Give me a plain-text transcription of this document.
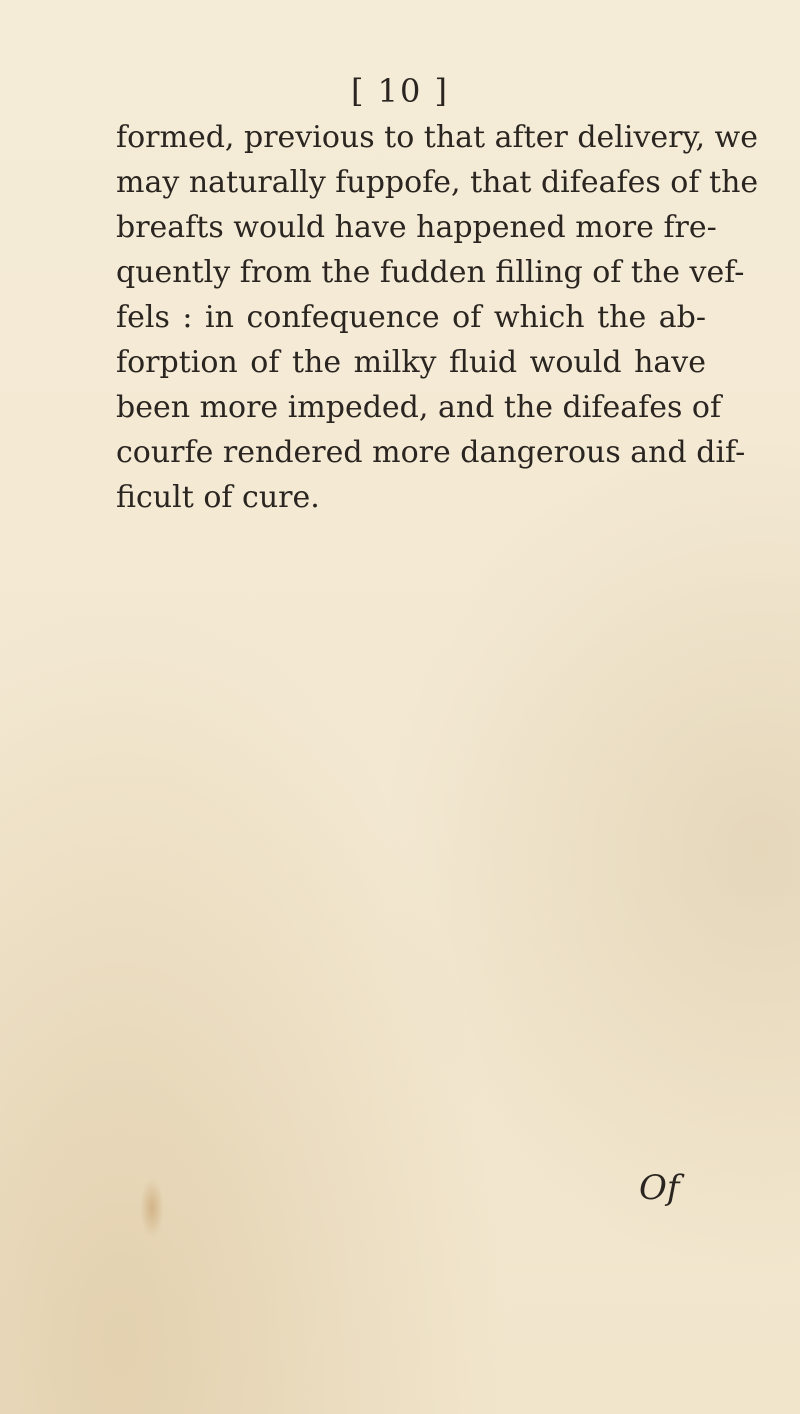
[ 10 ]
formed, previous to that after delivery, we
may naturally fuppofe, that difeafes of the
breafts would have happened more fre-
quently from the fudden filling of the vef-
fels : in confequence of which the ab-
forption of the milky fluid would have
been more impeded, and the difeafes of
courfe rendered more dangerous and dif-
ficult of cure.
Of
